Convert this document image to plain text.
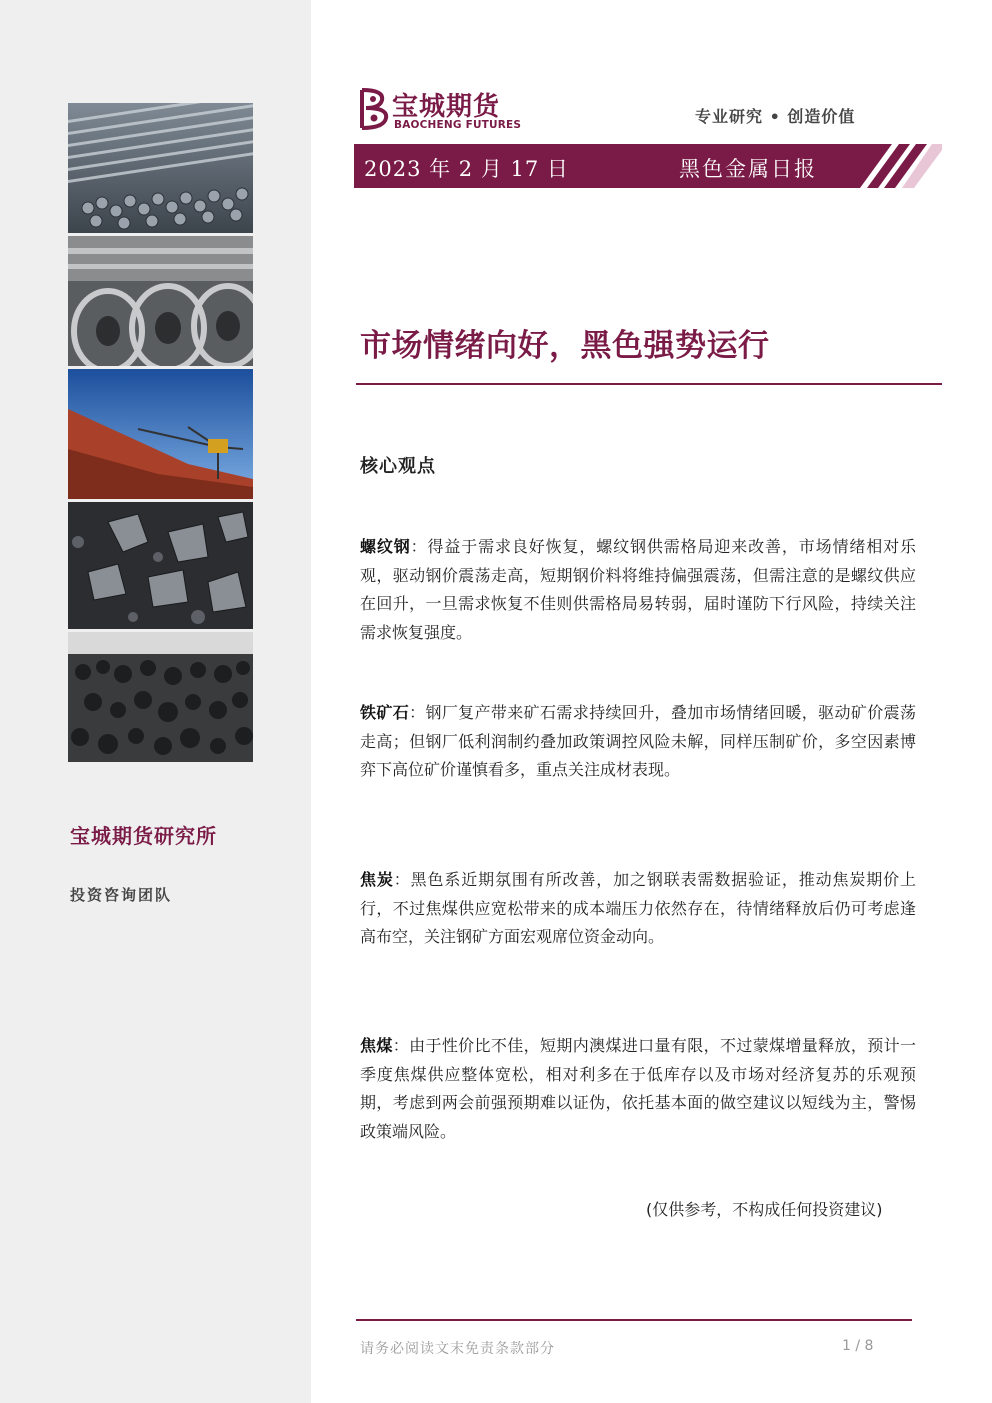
宝城期货研究所
投资咨询团队
宝城期货
BAOCHENG FUTURES	专业研究 • 创造价值
2023 年 2 月 17 日	黑色金属日报
市场情绪向好，黑色强势运行
核心观点

螺纹钢：得益于需求良好恢复，螺纹钢供需格局迎来改善，市场情绪相对乐观，驱动钢价震荡走高，短期钢价料将维持偏强震荡，但需注意的是螺纹供应在回升，一旦需求恢复不佳则供需格局易转弱，届时谨防下行风险，持续关注需求恢复强度。

铁矿石：钢厂复产带来矿石需求持续回升，叠加市场情绪回暖，驱动矿价震荡走高；但钢厂低利润制约叠加政策调控风险未解，同样压制矿价，多空因素博弈下高位矿价谨慎看多，重点关注成材表现。

焦炭：黑色系近期氛围有所改善，加之钢联表需数据验证，推动焦炭期价上行，不过焦煤供应宽松带来的成本端压力依然存在，待情绪释放后仍可考虑逢高布空，关注钢矿方面宏观席位资金动向。

焦煤：由于性价比不佳，短期内澳煤进口量有限，不过蒙煤增量释放，预计一季度焦煤供应整体宽松，相对利多在于低库存以及市场对经济复苏的乐观预期，考虑到两会前强预期难以证伪，依托基本面的做空建议以短线为主，警惕政策端风险。

(仅供参考，不构成任何投资建议)
请务必阅读文末免责条款部分	1 / 8
